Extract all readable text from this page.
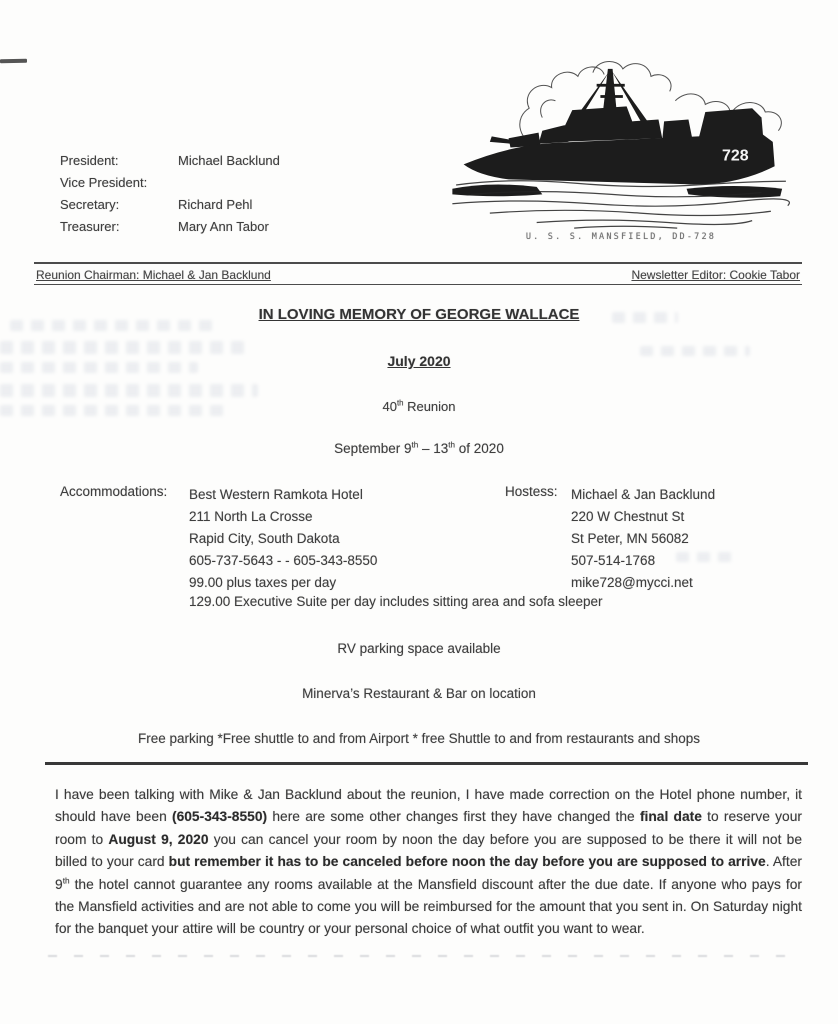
President:	Michael Backlund
Vice President:
Secretary:	Richard Pehl
Treasurer:	Mary Ann Tabor
728
U. S. S. MANSFIELD, DD-728
Reunion Chairman: Michael & Jan Backlund	Newsletter Editor: Cookie Tabor
IN LOVING MEMORY OF GEORGE WALLACE
July 2020
40th Reunion
September 9th – 13th of 2020
Accommodations: Best Western Ramkota Hotel
211 North La Crosse
Rapid City, South Dakota
605-737-5643 - - 605-343-8550
99.00 plus taxes per day
129.00 Executive Suite per day includes sitting area and sofa sleeper
Hostess: Michael & Jan Backlund
220 W Chestnut St
St Peter, MN 56082
507-514-1768
mike728@mycci.net
RV parking space available
Minerva’s Restaurant & Bar on location
Free parking *Free shuttle to and from Airport * free Shuttle to and from restaurants and shops
I have been talking with Mike & Jan Backlund about the reunion, I have made correction on the Hotel phone number, it should have been (605-343-8550) here are some other changes first they have changed the final date to reserve your room to August 9, 2020 you can cancel your room by noon the day before you are supposed to be there it will not be billed to your card but remember it has to be canceled before noon the day before you are supposed to arrive. After 9th the hotel cannot guarantee any rooms available at the Mansfield discount after the due date. If anyone who pays for the Mansfield activities and are not able to come you will be reimbursed for the amount that you sent in. On Saturday night for the banquet your attire will be country or your personal choice of what outfit you want to wear.
